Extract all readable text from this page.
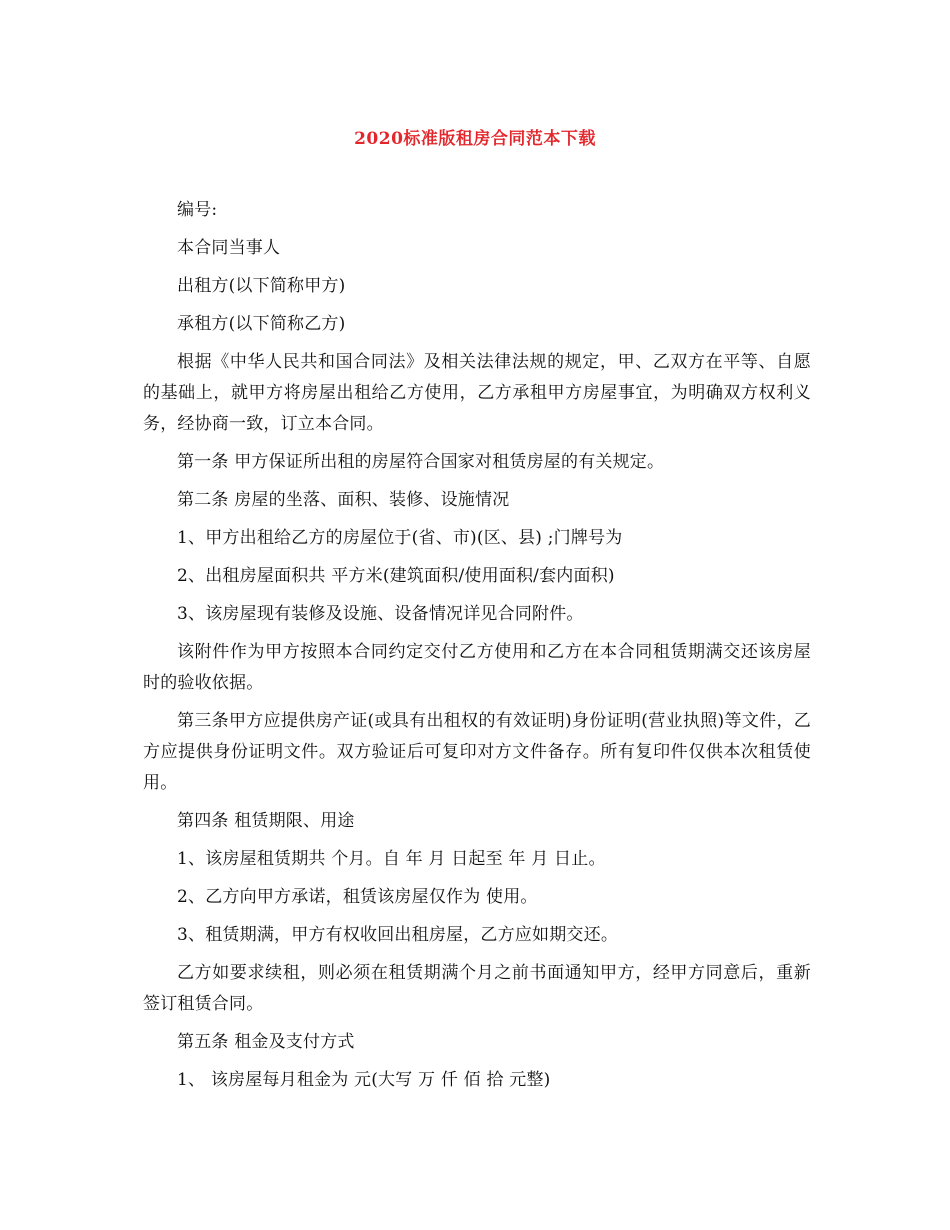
2020标准版租房合同范本下载

编号:

本合同当事人

出租方(以下简称甲方)

承租方(以下简称乙方)

根据《中华人民共和国合同法》及相关法律法规的规定，甲、乙双方在平等、自愿的基础上，就甲方将房屋出租给乙方使用，乙方承租甲方房屋事宜，为明确双方权利义务，经协商一致，订立本合同。

第一条 甲方保证所出租的房屋符合国家对租赁房屋的有关规定。

第二条 房屋的坐落、面积、装修、设施情况

1、甲方出租给乙方的房屋位于(省、市)(区、县) ;门牌号为

2、出租房屋面积共 平方米(建筑面积/使用面积/套内面积)

3、该房屋现有装修及设施、设备情况详见合同附件。

该附件作为甲方按照本合同约定交付乙方使用和乙方在本合同租赁期满交还该房屋时的验收依据。

第三条甲方应提供房产证(或具有出租权的有效证明)身份证明(营业执照)等文件，乙方应提供身份证明文件。双方验证后可复印对方文件备存。所有复印件仅供本次租赁使用。

第四条 租赁期限、用途

1、该房屋租赁期共 个月。自 年 月 日起至 年 月 日止。

2、乙方向甲方承诺，租赁该房屋仅作为 使用。

3、租赁期满，甲方有权收回出租房屋，乙方应如期交还。

乙方如要求续租，则必须在租赁期满个月之前书面通知甲方，经甲方同意后，重新签订租赁合同。

第五条 租金及支付方式

1、 该房屋每月租金为 元(大写 万 仟 佰 拾 元整)
